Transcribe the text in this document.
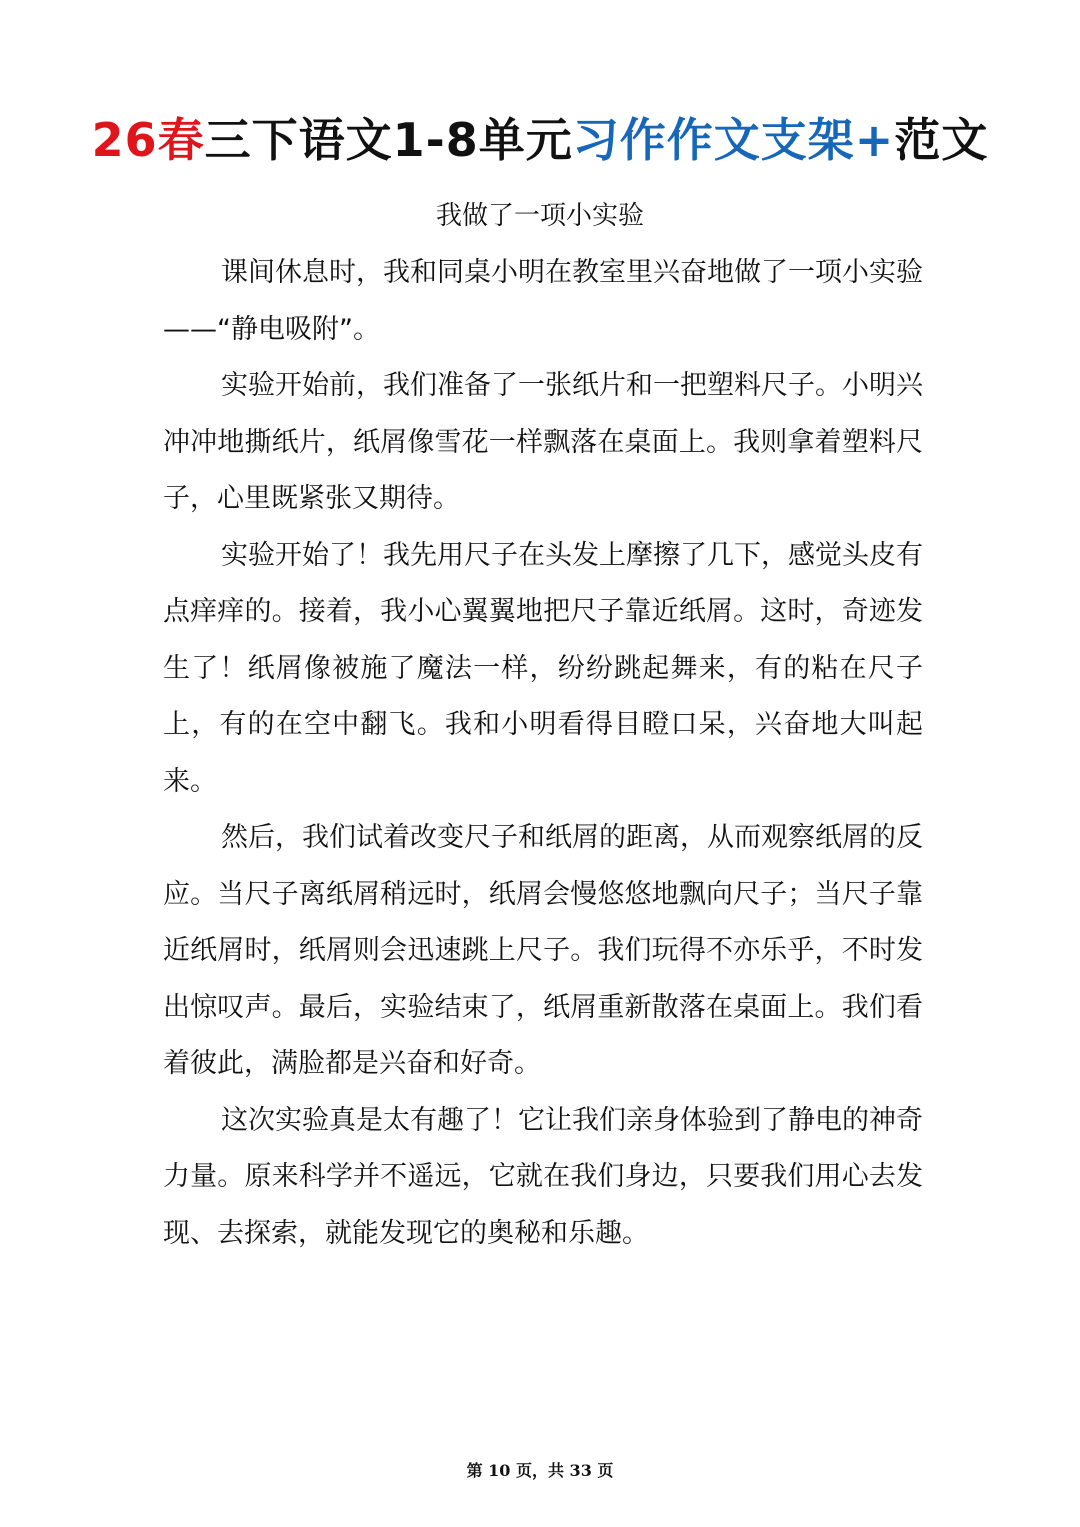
26春三下语文1-8单元习作作文支架+范文
我做了一项小实验

课间休息时，我和同桌小明在教室里兴奋地做了一项小实验——“静电吸附”。

实验开始前，我们准备了一张纸片和一把塑料尺子。小明兴冲冲地撕纸片，纸屑像雪花一样飘落在桌面上。我则拿着塑料尺子，心里既紧张又期待。

实验开始了！我先用尺子在头发上摩擦了几下，感觉头皮有点痒痒的。接着，我小心翼翼地把尺子靠近纸屑。这时，奇迹发生了！纸屑像被施了魔法一样，纷纷跳起舞来，有的粘在尺子上，有的在空中翻飞。我和小明看得目瞪口呆，兴奋地大叫起来。

然后，我们试着改变尺子和纸屑的距离，从而观察纸屑的反应。当尺子离纸屑稍远时，纸屑会慢悠悠地飘向尺子；当尺子靠近纸屑时，纸屑则会迅速跳上尺子。我们玩得不亦乐乎，不时发出惊叹声。最后，实验结束了，纸屑重新散落在桌面上。我们看着彼此，满脸都是兴奋和好奇。

这次实验真是太有趣了！它让我们亲身体验到了静电的神奇力量。原来科学并不遥远，它就在我们身边，只要我们用心去发现、去探索，就能发现它的奥秘和乐趣。

第 10 页，共 33 页
